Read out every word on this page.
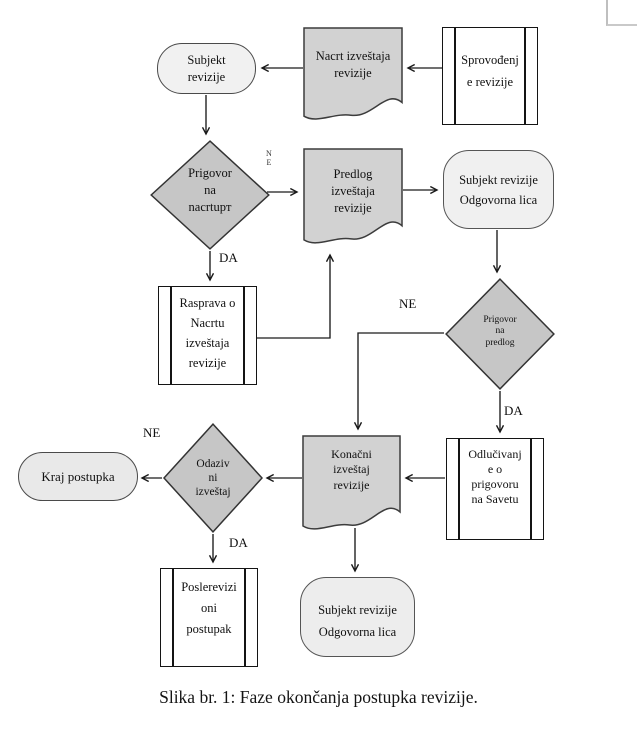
Subjekt
revizije
Nacrt izveštaja
revizije
Sprovođenj
e revizije
Prigovor
na
nacrtupт
Predlog
izveštaja
revizije
Subjekt revizije
Odgovorna lica
Rasprava o
Nacrtu
izveštaja
revizije
Prigovor
na
predlog
Kraj postupka
Odaziv
ni
izveštaj
Konačni
izveštaj
revizije
Odlučivanj
e o
prigovoru
na Savetu
Poslerevizi
oni
postupak
Subjekt revizije
Odgovorna lica
N
E
DA
NE
DA
NE
DA
Slika br. 1: Faze okončanja postupka revizije.
